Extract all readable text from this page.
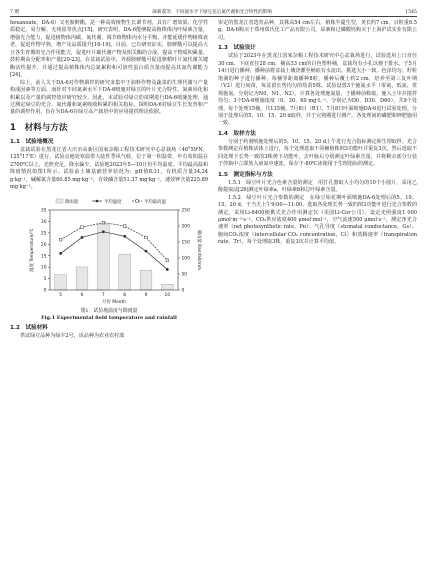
7 期	颜莉荔等：不同氮水平下绿豆花后氮代谢和光合特性的影响	1545

hexanoate，DA-6）又名胺鲜酯，是一种高效植物生长调节剂，具有广谱效果、化学性质稳定、易分解、无残留等优点[15]。研究表明，DA-6能够提高植株体内叶绿素含量，增强光合能力，促进植物体内碳、氮代谢，调节植物体内水分平衡，并能延缓作物植株衰老，促进作物早熟，增产及品质提升[16-19]。目前，已有研究证实，胺鲜酯可以提高大豆各生育期的光合作用能力，促进叶片碳代谢产物及相关酶的合成，提高干物质积累量，鼓粒期高分配率和产量[20-23]。在盆栽试验中，外源胺鲜酯可促进旗稻叶片氮代谢关键酶活性提升，并通过提高植株体内总氮累积和可溶性蛋白质含量而提高其氮代谢能力[24]。

综上，前人关于DA-6对作物调控的研究多集中于油料作物及蔬菜的生理代谢与产量构成因素等方面，而针对不同氮素水平下DA-6喷施对绿豆的叶片光合特性、氮素同化和积累以及产量的调控效应研究较少。因此，本试验对绿豆幼苗期进行DA-6喷施处理，通过测定绿豆的光合、氮代谢和氮素吸收积累的相关指标，探明DA-6对绿豆生长发育和产量的调控作用，旨在为DA-6在绿豆高产栽培中的应用提供理论依据。

1　材料与方法
1.1　试验地概况

盆栽试验在黑龙江省大庆市高新区国家杂粮工程技术研究中心盆栽场（46°59'N，125°17'E）进行。试验点地处寒温带大陆性季风气候，位于第一积温带，年有效积温在2700℃以上，光照充足，降水偏少。试验地2023年5—10月份平均温度、平均最高温和降雨情况如图1所示。试验前土壤基础营养状况为：pH值8.31，有机质含量34.24 g·kg⁻¹，碱解氮含量60.85 mg·kg⁻¹，有效磷含量51.37 mg·kg⁻¹，速效钾含量225.89 mg·kg⁻¹。

0
5
10
15
20
25
30
35
0
50
100
150
200
250
5	6	7	8	9	10
温度 Temperature/℃	降雨量 Rainfall/mm
月份 Month
降雨量	平均温度	平均最高温
图1　试验地温度与降雨量
Fig.1 Experimental field temperature and rainfall
1.2　试验材料

供试绿豆品种为绿丰2号，该品种为农业农村部

审定的黑龙江省选育品种，其株高54 cm左右，植株半蔓生型，荚长约7 cm，百粒重6.5 g。DA-6购买于郑州郑氏化工产品有限公司。尿素和过磷酸钙购买于上海沪试实业有限公司。

1.3　试验设计

试验于2023年在黑龙江国家杂粮工程技术研究中心盆栽场进行，试验选用上口直径30 cm、下底直径28 cm、桶高33 cm的白色塑料桶，盆栽均有小孔以便于排水。于5月14日进行播种，播种前将盆栽土壤浇灌至桶底有水流出。挑选大小一致、色泽均匀、籽粒饱满的种子进行播种，每桶等距离播种8粒，播种后覆土约2 cm，培养至第三复叶期（V2）进行间苗，每盆留长势均匀的幼苗5株。试验设置3个施氮水平（零氮，低氮、常规施氮，分别记为N0、N1、N2），计算各处理施氮量，于播种前称取，施入土中并搅拌均匀；3个DA-6喷施浓度（0、30、60 mg·L⁻¹，分别记为D0、D30、D60），共9个处理。每个处理15桶，共135桶。7月8日（R1），7月8日叶面喷施DA-6进行试验处理。分别于处理后的5、10、15、20 d取样，并于完熟期进行测产。各处理间的磷肥和钾肥施用一致。

1.4　取样方法

分别于药剂喷施处理后的5、10、15、20 d上午进行光合指标测定和生理取样。光合参数测定在植株活体上进行，每个处理选取不同桶植株倒3功能叶并重复3次，然后选取不同处理下长势一致的3株剪下功能叶，去叶脉后分别测定叶绿素含量，并将剩余部分分装于伴瓶中立即放入液氮中速冻，保存于-80℃冰箱用于生理指标的测定。

1.5　测定指标与方法

1.5.1　绿豆叶片光合色素含量的测定　用打孔器取大小均匀的10个小圆片，采用乙醇提取法[26]测定叶绿素a、叶绿素b和总叶绿素含量。

1.5.2　绿豆叶片光合参数的测定　在绿豆始花期叶面喷施DA-6处理后的5、10、15、20 d，于当天上午9:00—11:00，选取各处理长势一致的倒3功能叶进行光合参数的测定，采用Li-6400便携式光合作用测定仪（美国Li-Cor公司），设定光照强度1 000 μmol·m⁻²·s⁻¹、CO₂供应浓度400 μmol·mol⁻¹，空气流速500 μmol·s⁻¹，测定净光合速率（net photosynthetic rate，Pn）、气孔导度（stomatal conductance，Gs）、胞间CO₂浓度（intercellular CO₂ concentration，Ci）和蒸腾速率（transpiration rate，Tr）。每个处理取3株，重复3次并计算平均值。
